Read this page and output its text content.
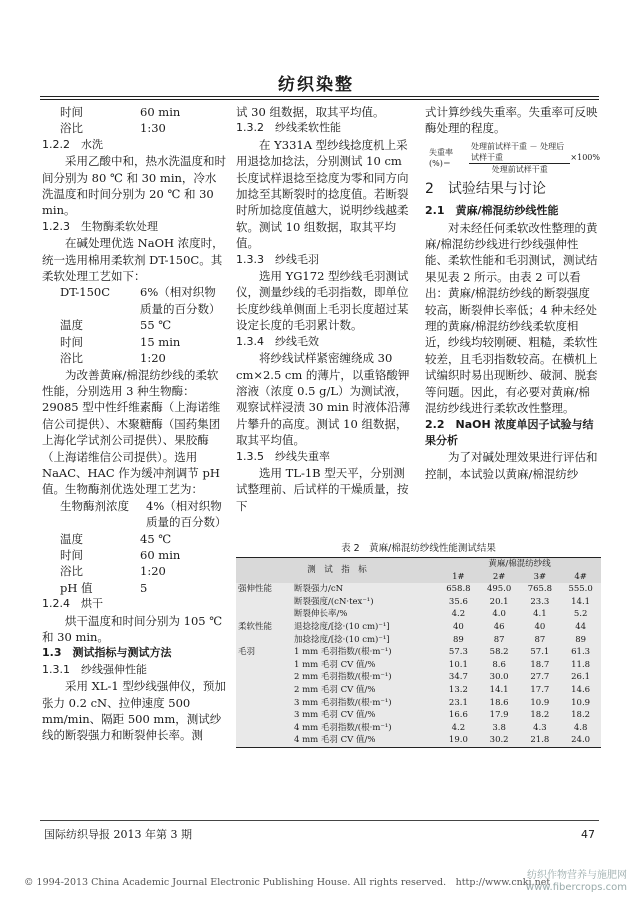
纺织染整
时间	60 min
浴比	1:30

1.2.2　水洗

采用乙酸中和，热水洗温度和时间分别为 80 ℃ 和 30 min，冷水洗温度和时间分别为 20 ℃ 和 30 min。

1.2.3　生物酶柔软处理

在碱处理优选 NaOH 浓度时，统一选用棉用柔软剂 DT-150C。其柔软处理工艺如下：

DT-150C	6%（相对织物质量的百分数）
温度	55 ℃
时间	15 min
浴比	1:20

为改善黄麻/棉混纺纱线的柔软性能，分别选用 3 种生物酶：29085 型中性纤维素酶（上海诺维信公司提供）、木聚糖酶（国药集团上海化学试剂公司提供）、果胶酶（上海诺维信公司提供）。选用 NaAC、HAC 作为缓冲剂调节 pH 值。生物酶剂优选处理工艺为：

生物酶剂浓度	4%（相对织物质量的百分数）
温度	45 ℃
时间	60 min
浴比	1:20
pH 值	5

1.2.4　烘干

烘干温度和时间分别为 105 ℃ 和 30 min。

1.3　测试指标与测试方法

1.3.1　纱线强伸性能

采用 XL-1 型纱线强伸仪，预加张力 0.2 cN、拉伸速度 500 mm/min、隔距 500 mm，测试纱线的断裂强力和断裂伸长率。测

试 30 组数据，取其平均值。

1.3.2　纱线柔软性能

在 Y331A 型纱线捻度机上采用退捻加捻法，分别测试 10 cm 长度试样退捻至捻度为零和同方向加捻至其断裂时的捻度值。若断裂时所加捻度值越大，说明纱线越柔软。测试 10 组数据，取其平均值。

1.3.3　纱线毛羽

选用 YG172 型纱线毛羽测试仪，测量纱线的毛羽指数，即单位长度纱线单侧面上毛羽长度超过某设定长度的毛羽累计数。

1.3.4　纱线毛效

将纱线试样紧密缠绕成 30 cm×2.5 cm 的薄片，以重铬酸钾溶液（浓度 0.5 g/L）为测试液，观察试样浸渍 30 min 时液体沿薄片攀升的高度。测试 10 组数据，取其平均值。

1.3.5　纱线失重率

选用 TL-1B 型天平，分别测试整理前、后试样的干燥质量，按下

式计算纱线失重率。失重率可反映酶处理的程度。

失重率(%)＝	$\frac{\text{处理前试样干重 － 处理后试样干重}}{\text{处理前试样干重}} \times 100\%$

2　试验结果与讨论

2.1　黄麻/棉混纺纱线性能

对未经任何柔软改性整理的黄麻/棉混纺纱线进行纱线强伸性能、柔软性能和毛羽测试，测试结果见表 2 所示。由表 2 可以看出：黄麻/棉混纺纱线的断裂强度较高，断裂伸长率低；4 种未经处理的黄麻/棉混纺纱线柔软度相近，纱线均较刚硬、粗糙，柔软性较差，且毛羽指数较高。在横机上试编织时易出现断纱、破洞、脱套等问题。因此，有必要对黄麻/棉混纺纱线进行柔软改性整理。

2.2　NaOH 浓度单因子试验与结果分析

为了对碱处理效果进行评估和控制，本试验以黄麻/棉混纺纱

表 2　黄麻/棉混纺纱线性能测试结果
测　试　指　标		黄麻/棉混纺纱线			
		1#	2#	3#	4#
强伸性能	断裂强力/cN	658.8	495.0	765.8	555.0
	断裂强度/(cN·tex⁻¹)	35.6	20.1	23.3	14.1
	断裂伸长率/%	4.2	4.0	4.1	5.2
柔软性能	退捻捻度/[捻·(10 cm)⁻¹]	40	46	40	44
	加捻捻度/[捻·(10 cm)⁻¹]	89	87	87	89
毛羽	1 mm 毛羽指数/(根·m⁻¹)	57.3	58.2	57.1	61.3
	1 mm 毛羽 CV 值/%	10.1	8.6	18.7	11.8
	2 mm 毛羽指数/(根·m⁻¹)	34.7	30.0	27.7	26.1
	2 mm 毛羽 CV 值/%	13.2	14.1	17.7	14.6
	3 mm 毛羽指数/(根·m⁻¹)	23.1	18.6	10.9	10.9
	3 mm 毛羽 CV 值/%	16.6	17.9	18.2	18.2
	4 mm 毛羽指数/(根·m⁻¹)	4.2	3.8	4.3	4.8
	4 mm 毛羽 CV 值/%	19.0	30.2	21.8	24.0
国际纺织导报 2013 年第 3 期	47
© 1994-2013 China Academic Journal Electronic Publishing House. All rights reserved.　http://www.cnki.net
纺织作物营养与施肥网
www.fibercrops.com
